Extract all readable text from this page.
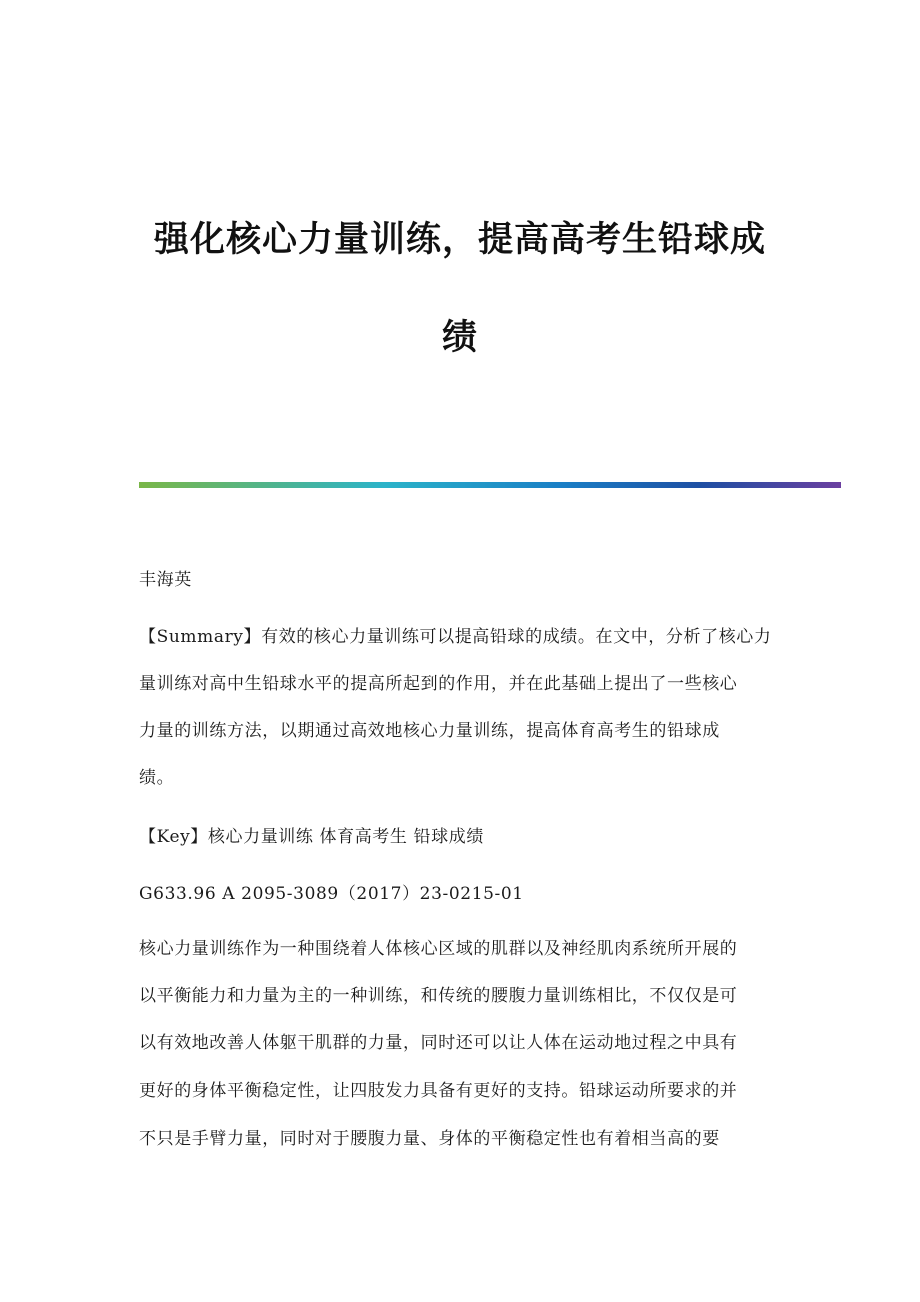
强化核心力量训练，提高高考生铅球成
绩
丰海英
【Summary】有效的核心力量训练可以提高铅球的成绩。在文中，分析了核心力
量训练对高中生铅球水平的提高所起到的作用，并在此基础上提出了一些核心
力量的训练方法，以期通过高效地核心力量训练，提高体育高考生的铅球成
绩。
【Key】核心力量训练 体育高考生 铅球成绩
G633.96 A 2095-3089（2017）23-0215-01
核心力量训练作为一种围绕着人体核心区域的肌群以及神经肌肉系统所开展的
以平衡能力和力量为主的一种训练，和传统的腰腹力量训练相比，不仅仅是可
以有效地改善人体躯干肌群的力量，同时还可以让人体在运动地过程之中具有
更好的身体平衡稳定性，让四肢发力具备有更好的支持。铅球运动所要求的并
不只是手臂力量，同时对于腰腹力量、身体的平衡稳定性也有着相当高的要
